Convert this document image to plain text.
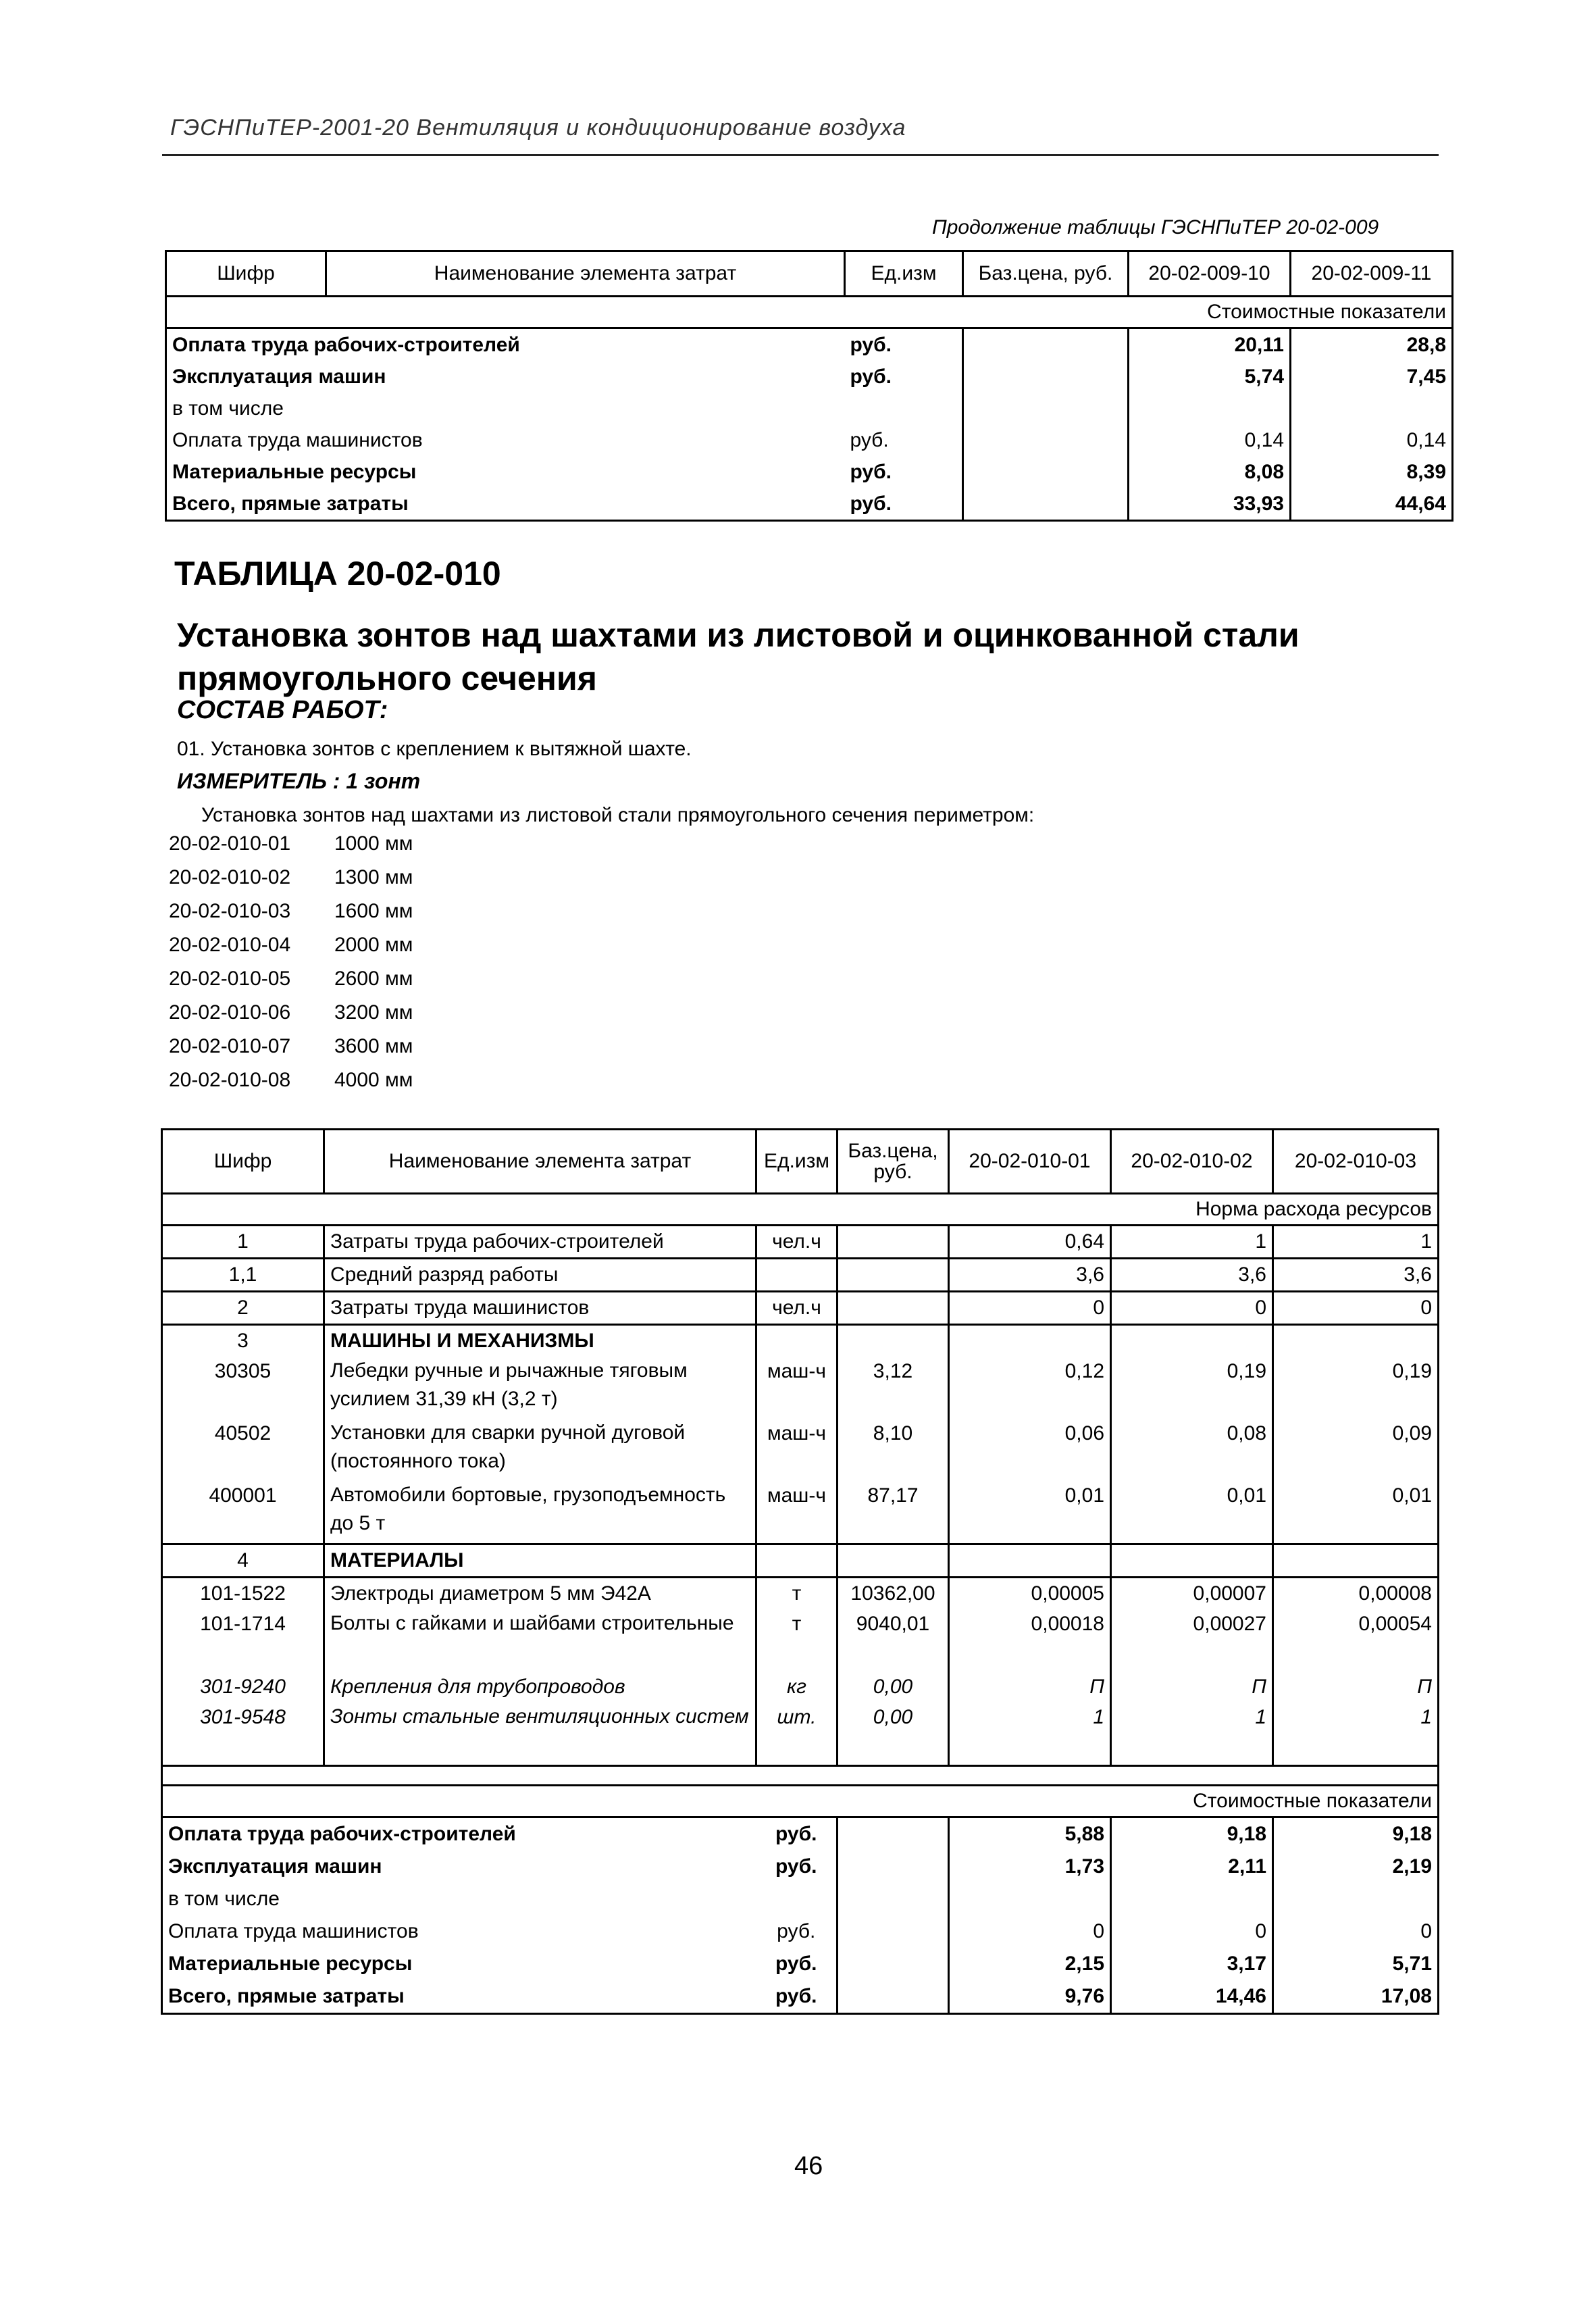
ГЭСНПиТЕР-2001-20 Вентиляция и кондиционирование воздуха
Продолжение таблицы ГЭСНПиТЕР 20-02-009
Шифр	Наименование элемента затрат	Ед.изм	Баз.цена, руб.	20-02-009-10	20-02-009-11
Стоимостные показатели					
Оплата труда рабочих-строителей		руб.		20,11	28,8
Эксплуатация машин		руб.		5,74	7,45
в том числе					
Оплата труда машинистов		руб.		0,14	0,14
Материальные ресурсы		руб.		8,08	8,39
Всего, прямые затраты		руб.		33,93	44,64
ТАБЛИЦА 20-02-010
Установка зонтов над шахтами из листовой и оцинкованной стали прямоугольного сечения
СОСТАВ РАБОТ:
01. Установка зонтов с креплением к вытяжной шахте.
ИЗМЕРИТЕЛЬ : 1 зонт
Установка зонтов над шахтами из листовой стали прямоугольного сечения периметром:
20-02-010-01	1000 мм
20-02-010-02	1300 мм
20-02-010-03	1600 мм
20-02-010-04	2000 мм
20-02-010-05	2600 мм
20-02-010-06	3200 мм
20-02-010-07	3600 мм
20-02-010-08	4000 мм
Шифр	Наименование элемента затрат	Ед.изм	Баз.цена, руб.	20-02-010-01	20-02-010-02	20-02-010-03
Норма расхода ресурсов						
1	Затраты труда рабочих-строителей	чел.ч		0,64	1	1
1,1	Средний разряд работы			3,6	3,6	3,6
2	Затраты труда машинистов	чел.ч		0	0	0
3	МАШИНЫ И МЕХАНИЗМЫ					
30305	Лебедки ручные и рычажные тяговым усилием 31,39 кН (3,2 т)	маш-ч	3,12	0,12	0,19	0,19
40502	Установки для сварки ручной дуговой (постоянного тока)	маш-ч	8,10	0,06	0,08	0,09
400001	Автомобили бортовые, грузоподъемность до 5 т	маш-ч	87,17	0,01	0,01	0,01
4	МАТЕРИАЛЫ					
101-1522	Электроды диаметром 5 мм Э42А	т	10362,00	0,00005	0,00007	0,00008
101-1714	Болты с гайками и шайбами строительные	т	9040,01	0,00018	0,00027	0,00054
301-9240	Крепления для трубопроводов	кг	0,00	П	П	П
301-9548	Зонты стальные вентиляционных систем	шт.	0,00	1	1	1

Стоимостные показатели						
Оплата труда рабочих-строителей		руб.		5,88	9,18	9,18
Эксплуатация машин		руб.		1,73	2,11	2,19
в том числе						
Оплата труда машинистов		руб.		0	0	0
Материальные ресурсы		руб.		2,15	3,17	5,71
Всего, прямые затраты		руб.		9,76	14,46	17,08
46
